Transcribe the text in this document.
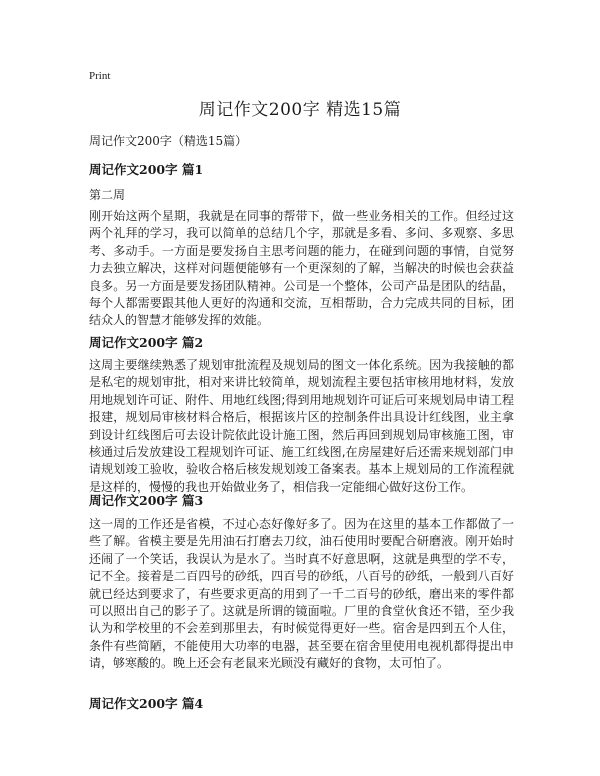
Print
周记作文200字 精选15篇

周记作文200字（精选15篇）

周记作文200字 篇1

第二周

刚开始这两个星期，我就是在同事的帮带下，做一些业务相关的工作。但经过这两个礼拜的学习，我可以简单的总结几个字，那就是多看、多问、多观察、多思考、多动手。一方面是要发扬自主思考问题的能力，在碰到问题的事情，自觉努力去独立解决，这样对问题便能够有一个更深刻的了解，当解决的时候也会获益良多。另一方面是要发扬团队精神。公司是一个整体，公司产品是团队的结晶，每个人都需要跟其他人更好的沟通和交流，互相帮助，合力完成共同的目标，团结众人的智慧才能够发挥的效能。

周记作文200字 篇2

这周主要继续熟悉了规划审批流程及规划局的图文一体化系统。因为我接触的都是私宅的规划审批，相对来讲比较简单，规划流程主要包括审核用地材料，发放用地规划许可证、附件、用地红线图;得到用地规划许可证后可来规划局申请工程报建，规划局审核材料合格后，根据该片区的控制条件出具设计红线图，业主拿到设计红线图后可去设计院依此设计施工图，然后再回到规划局审核施工图，审核通过后发放建设工程规划许可证、施工红线图,在房屋建好后还需来规划部门申请规划竣工验收，验收合格后核发规划竣工备案表。基本上规划局的工作流程就是这样的，慢慢的我也开始做业务了，相信我一定能细心做好这份工作。

周记作文200字 篇3

这一周的工作还是省模，不过心态好像好多了。因为在这里的基本工作都做了一些了解。省模主要是先用油石打磨去刀纹，油石使用时要配合研磨液。刚开始时还闹了一个笑话，我误认为是水了。当时真不好意思啊，这就是典型的学不专，记不全。接着是二百四号的砂纸，四百号的砂纸，八百号的砂纸，一般到八百好就已经达到要求了，有些要求更高的用到了一千二百号的砂纸，磨出来的零件都可以照出自己的影子了。这就是所谓的镜面啦。厂里的食堂伙食还不错，至少我认为和学校里的不会差到那里去，有时候觉得更好一些。宿舍是四到五个人住，条件有些简陋，不能使用大功率的电器，甚至要在宿舍里使用电视机都得提出申请，够寒酸的。晚上还会有老鼠来光顾没有藏好的食物，太可怕了。

周记作文200字 篇4
